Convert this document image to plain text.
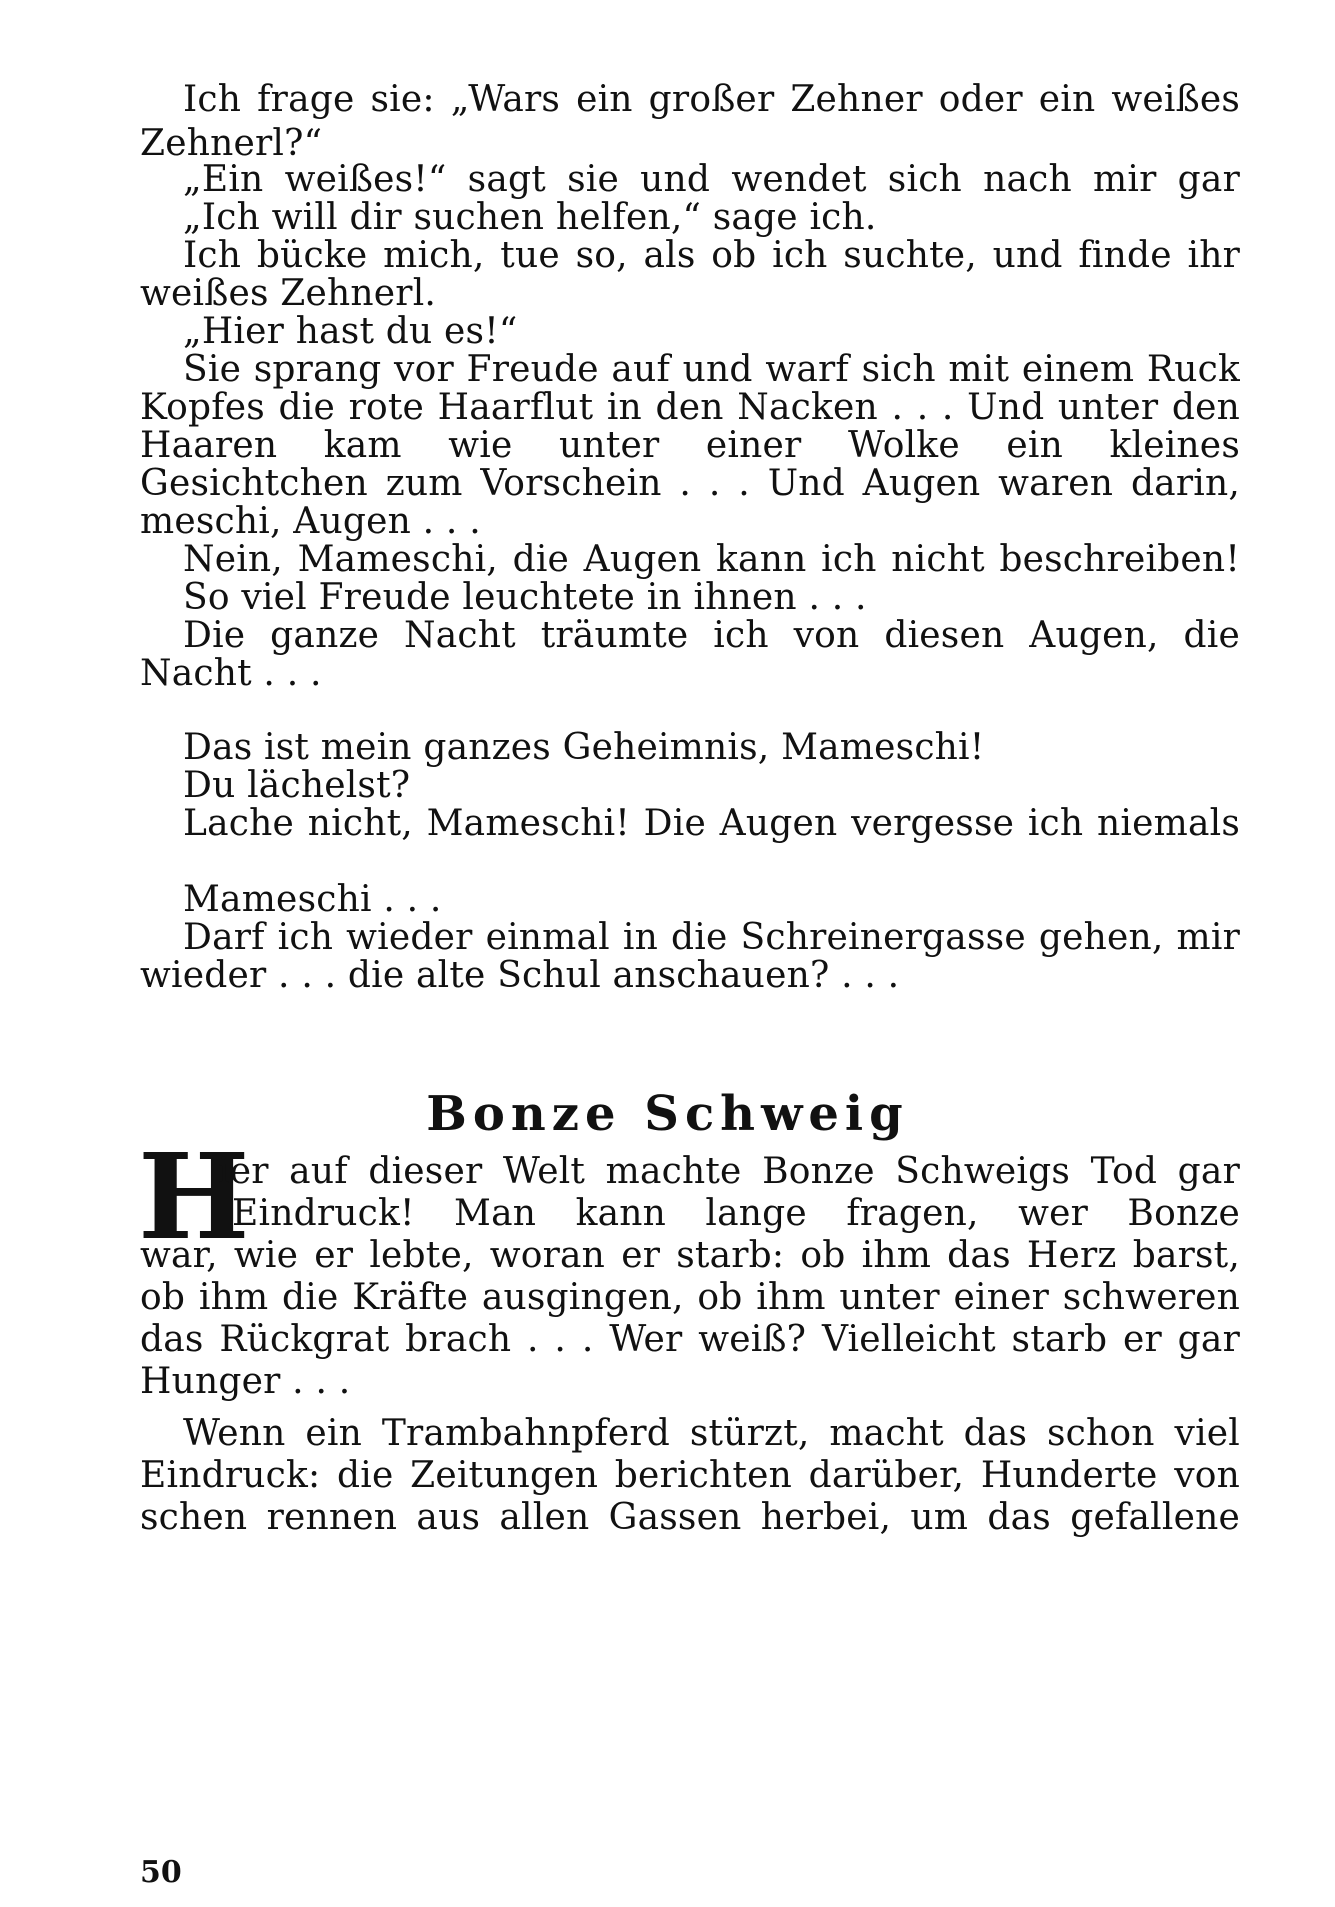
Ich frage sie: „Wars ein großer Zehner oder ein weißes
Zehnerl?“
„Ein weißes!“ sagt sie und wendet sich nach mir gar
„Ich will dir suchen helfen,“ sage ich.
Ich bücke mich, tue so, als ob ich suchte, und finde ihr
weißes Zehnerl.
„Hier hast du es!“
Sie sprang vor Freude auf und warf sich mit einem Ruck
Kopfes die rote Haarflut in den Nacken . . . Und unter den
Haaren kam wie unter einer Wolke ein kleines
Gesichtchen zum Vorschein . . . Und Augen waren darin,
meschi, Augen . . .
Nein, Mameschi, die Augen kann ich nicht beschreiben!
So viel Freude leuchtete in ihnen . . .
Die ganze Nacht träumte ich von diesen Augen, die
Nacht . . .
Das ist mein ganzes Geheimnis, Mameschi!
Du lächelst?
Lache nicht, Mameschi! Die Augen vergesse ich niemals
Mameschi . . .
Darf ich wieder einmal in die Schreinergasse gehen, mir
wieder . . . die alte Schul anschauen? . . .
Bonze Schweig
H
ier auf dieser Welt machte Bonze Schweigs Tod gar
Eindruck! Man kann lange fragen, wer Bonze
war, wie er lebte, woran er starb: ob ihm das Herz barst,
ob ihm die Kräfte ausgingen, ob ihm unter einer schweren
das Rückgrat brach . . . Wer weiß? Vielleicht starb er gar
Hunger . . .
Wenn ein Trambahnpferd stürzt, macht das schon viel
Eindruck: die Zeitungen berichten darüber, Hunderte von
schen rennen aus allen Gassen herbei, um das gefallene
50
